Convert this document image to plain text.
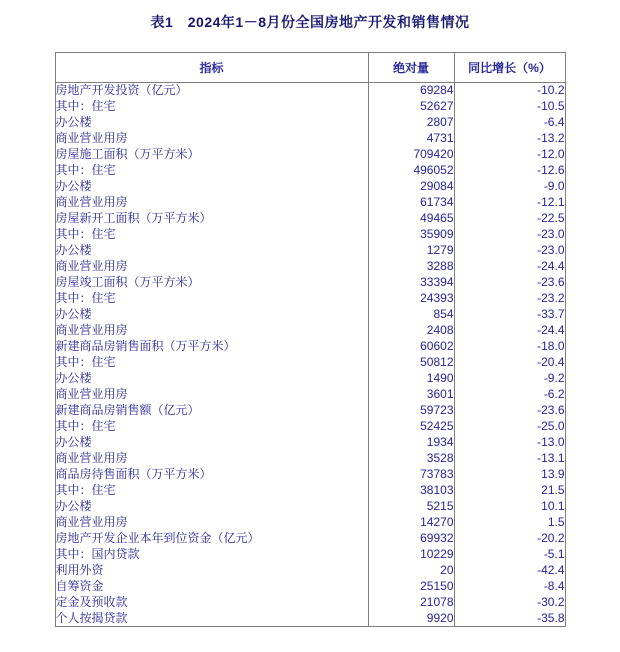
表1　2024年1－8月份全国房地产开发和销售情况
指标	绝对量	同比增长（%）
房地产开发投资（亿元）	69284	-10.2
其中：住宅	52627	-10.5
办公楼	2807	-6.4
商业营业用房	4731	-13.2
房屋施工面积（万平方米）	709420	-12.0
其中：住宅	496052	-12.6
办公楼	29084	-9.0
商业营业用房	61734	-12.1
房屋新开工面积（万平方米）	49465	-22.5
其中：住宅	35909	-23.0
办公楼	1279	-23.0
商业营业用房	3288	-24.4
房屋竣工面积（万平方米）	33394	-23.6
其中：住宅	24393	-23.2
办公楼	854	-33.7
商业营业用房	2408	-24.4
新建商品房销售面积（万平方米）	60602	-18.0
其中：住宅	50812	-20.4
办公楼	1490	-9.2
商业营业用房	3601	-6.2
新建商品房销售额（亿元）	59723	-23.6
其中：住宅	52425	-25.0
办公楼	1934	-13.0
商业营业用房	3528	-13.1
商品房待售面积（万平方米）	73783	13.9
其中：住宅	38103	21.5
办公楼	5215	10.1
商业营业用房	14270	1.5
房地产开发企业本年到位资金（亿元）	69932	-20.2
其中：国内贷款	10229	-5.1
利用外资	20	-42.4
自筹资金	25150	-8.4
定金及预收款	21078	-30.2
个人按揭贷款	9920	-35.8
